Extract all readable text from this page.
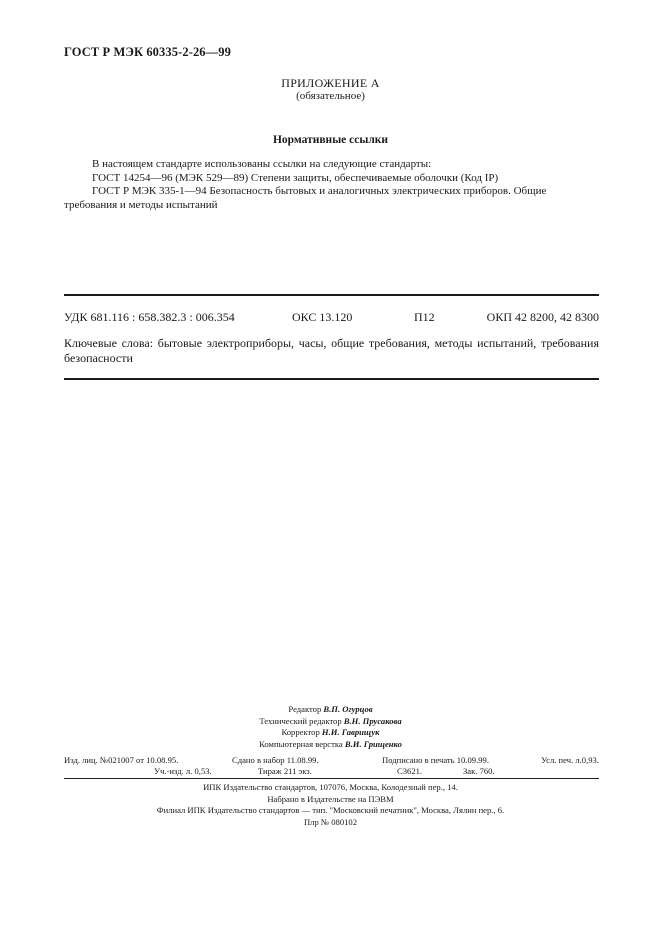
ГОСТ Р МЭК 60335-2-26—99
ПРИЛОЖЕНИЕ А
(обязательное)
Нормативные ссылки

В настоящем стандарте использованы ссылки на следующие стандарты:

ГОСТ 14254—96 (МЭК 529—89) Степени защиты, обеспечиваемые оболочки (Код IP)

ГОСТ Р МЭК 335-1—94 Безопасность бытовых и аналогичных электрических приборов. Общие требования и методы испытаний

УДК 681.116 : 658.382.3 : 006.354	ОКС 13.120	П12	ОКП 42 8200, 42 8300
Ключевые слова: бытовые электроприборы, часы, общие требования, методы испытаний, требования безопасности

Редактор В.П. Огурцов

Технический редактор В.Н. Прусакова

Корректор Н.И. Гаврищук

Компьютерная верстка В.И. Грищенко

Изд. лиц. №021007 от 10.08.95.	Сдано в набор 11.08.99.	Подписано в печать 10.09.99.	Усл. печ. л.0,93.
Уч.-изд. л. 0,53.	Тираж 211 экз.	С3621.	Зак. 760.

ИПК Издательство стандартов, 107076, Москва, Колодезный пер., 14.

Набрано в Издательстве на ПЭВМ

Филиал ИПК Издательство стандартов — тип. "Московский печатник", Москва, Лялин пер., 6.

Плр № 080102
